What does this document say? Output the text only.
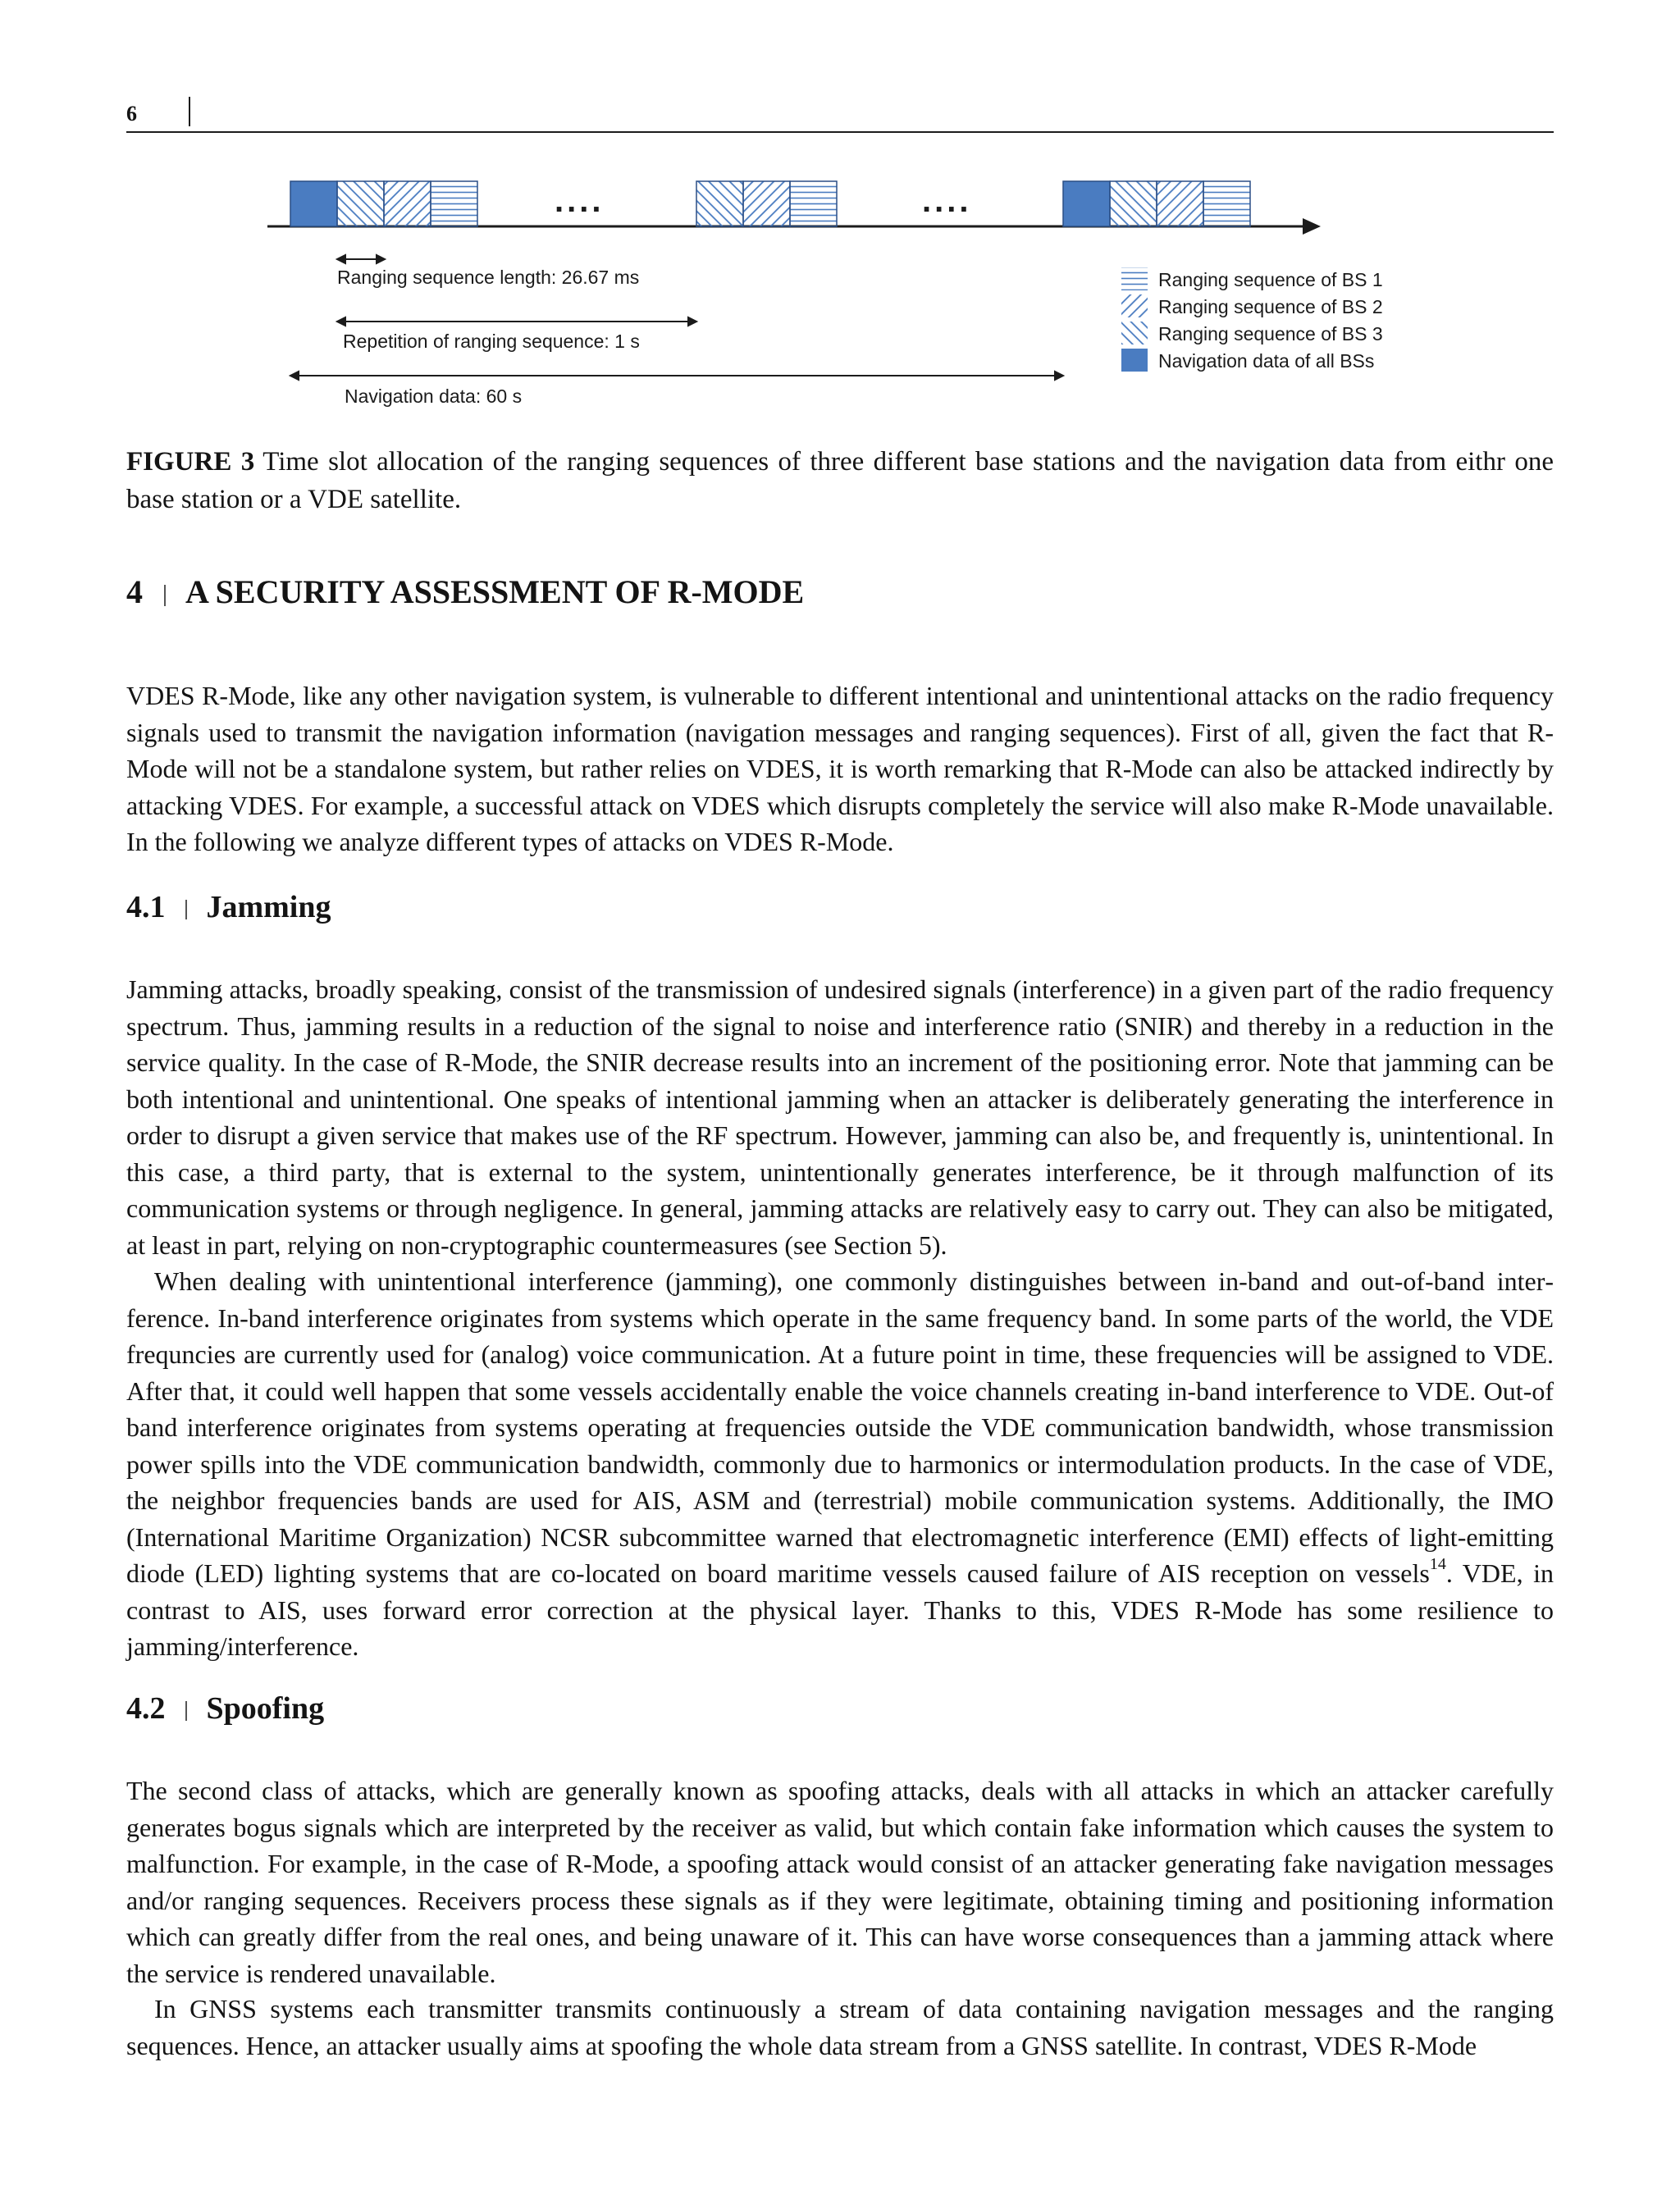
6
....	....
Ranging sequence length: 26.67 ms
Repetition of ranging sequence: 1 s
Navigation data: 60 s
Ranging sequence of BS 1
Ranging sequence of BS 2
Ranging sequence of BS 3
Navigation data of all BSs
FIGURE 3 Time slot allocation of the ranging sequences of three different base stations and the navigation data from eithr one base station or a VDE satellite.
4 A SECURITY ASSESSMENT OF R-MODE

VDES R-Mode, like any other navigation system, is vulnerable to different intentional and unintentional attacks on the radio frequency signals used to transmit the navigation information (navigation messages and ranging sequences). First of all, given the fact that R-Mode will not be a standalone system, but rather relies on VDES, it is worth remarking that R-Mode can also be attacked indirectly by attacking VDES. For example, a successful attack on VDES which disrupts completely the service will also make R-Mode unavailable. In the following we analyze different types of attacks on VDES R-Mode.

4.1 Jamming

Jamming attacks, broadly speaking, consist of the transmission of undesired signals (interference) in a given part of the radio frequency spectrum. Thus, jamming results in a reduction of the signal to noise and interference ratio (SNIR) and thereby in a reduction in the service quality. In the case of R-Mode, the SNIR decrease results into an increment of the positioning error. Note that jamming can be both intentional and unintentional. One speaks of intentional jamming when an attacker is deliberately generating the interference in order to disrupt a given service that makes use of the RF spectrum. However, jamming can also be, and frequently is, unintentional. In this case, a third party, that is external to the system, unintentionally generates interference, be it through malfunction of its communication systems or through negligence. In general, jamming attacks are relatively easy to carry out. They can also be mitigated, at least in part, relying on non-cryptographic countermeasures (see Section 5).

When dealing with unintentional interference (jamming), one commonly distinguishes between in-band and out-of-band interference. In-band interference originates from systems which operate in the same frequency band. In some parts of the world, the VDE frequncies are currently used for (analog) voice communication. At a future point in time, these frequencies will be assigned to VDE. After that, it could well happen that some vessels accidentally enable the voice channels creating in-band interference to VDE. Out-of band interference originates from systems operating at frequencies outside the VDE communication bandwidth, whose transmission power spills into the VDE communication bandwidth, commonly due to harmonics or intermodulation products. In the case of VDE, the neighbor frequencies bands are used for AIS, ASM and (terrestrial) mobile communication systems. Additionally, the IMO (International Maritime Organization) NCSR subcommittee warned that electromagnetic interference (EMI) effects of light-emitting diode (LED) lighting systems that are co-located on board maritime vessels caused failure of AIS reception on vessels$^{14}$. VDE, in contrast to AIS, uses forward error correction at the physical layer. Thanks to this, VDES R-Mode has some resilience to jamming/interference.

4.2 Spoofing

The second class of attacks, which are generally known as spoofing attacks, deals with all attacks in which an attacker carefully generates bogus signals which are interpreted by the receiver as valid, but which contain fake information which causes the system to malfunction. For example, in the case of R-Mode, a spoofing attack would consist of an attacker generating fake navigation messages and/or ranging sequences. Receivers process these signals as if they were legitimate, obtaining timing and positioning information which can greatly differ from the real ones, and being unaware of it. This can have worse consequences than a jamming attack where the service is rendered unavailable.

In GNSS systems each transmitter transmits continuously a stream of data containing navigation messages and the ranging sequences. Hence, an attacker usually aims at spoofing the whole data stream from a GNSS satellite. In contrast, VDES R-Mode
